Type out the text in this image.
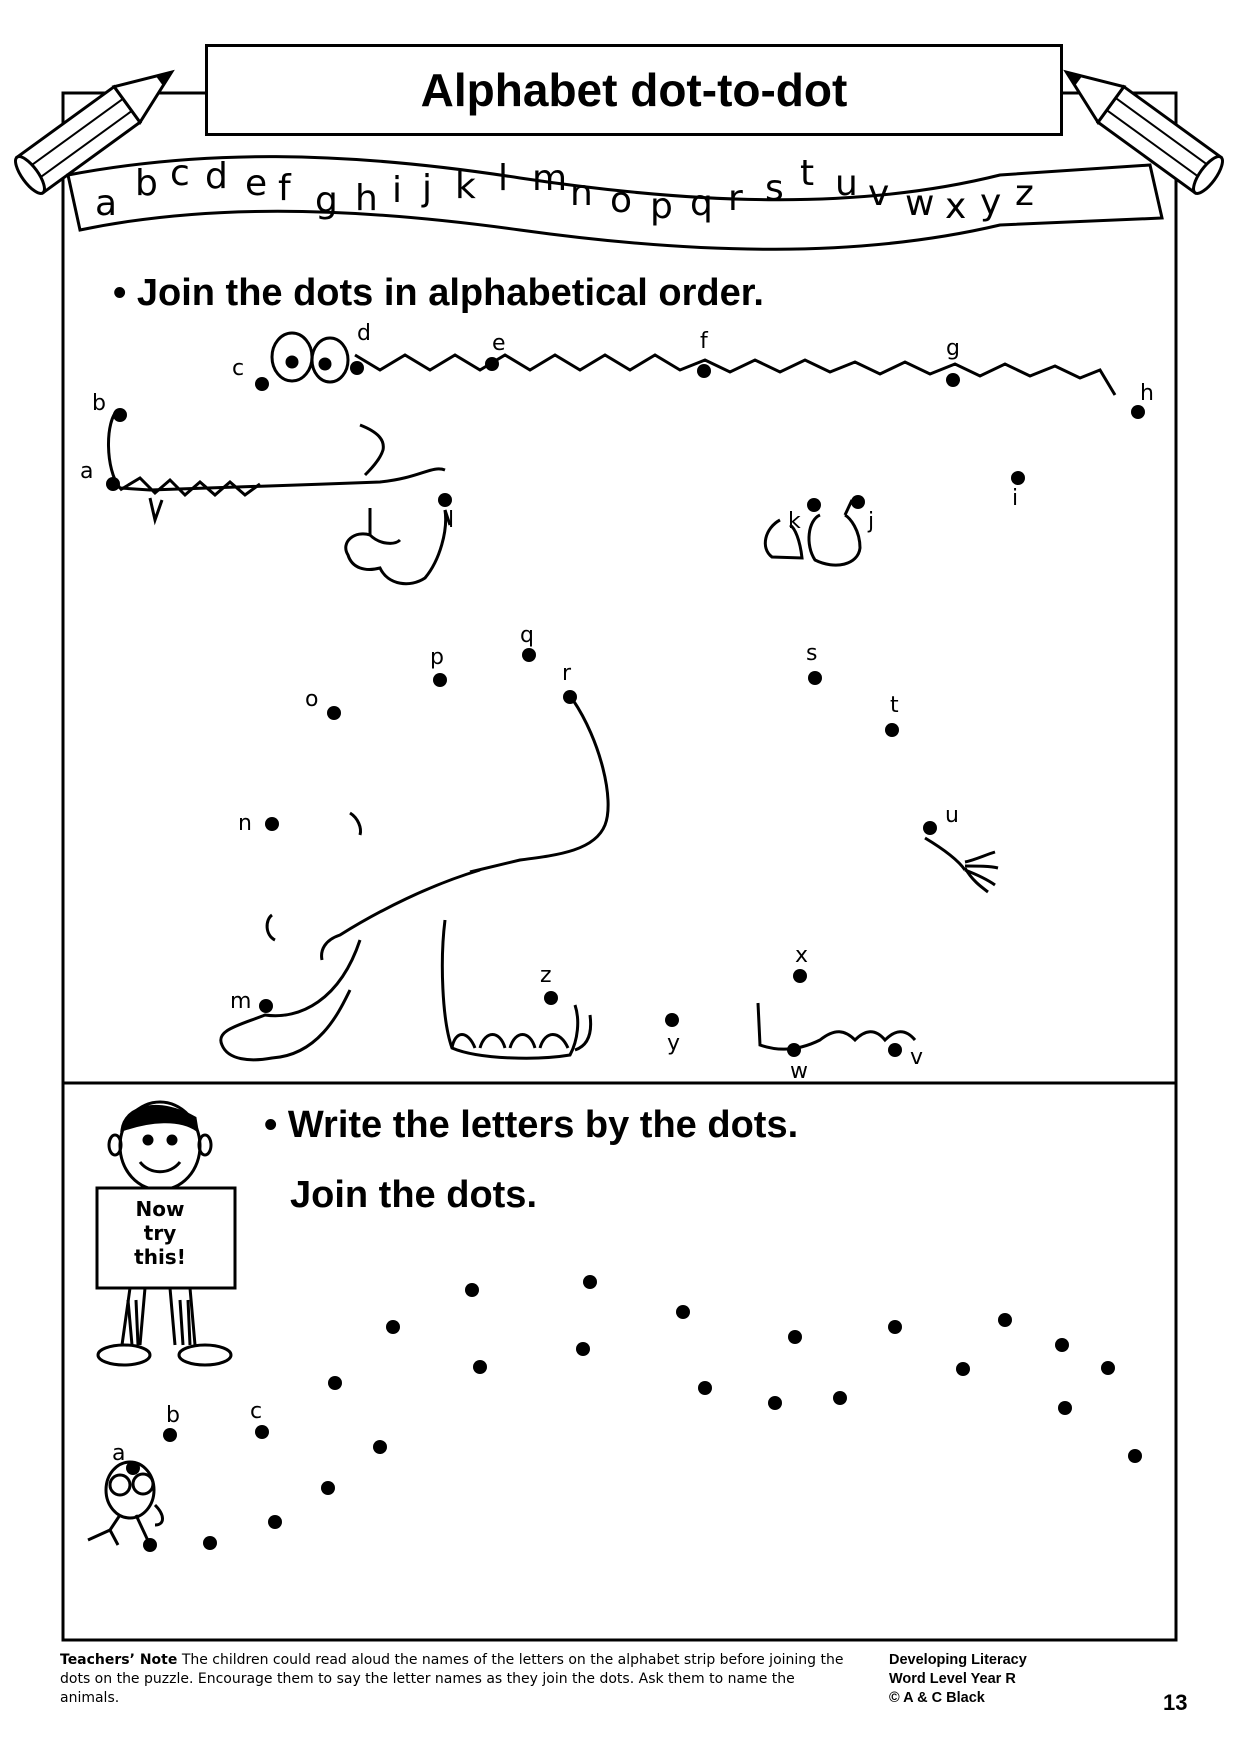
a b c d e f g h i j k l m n o p q r s t u v w x y z
a
b
c
d	e	f	g
h
i
j
k
l
m
n
o
p
q
r
s
t
u
v
w
x
y
z
a
b	c
Alphabet dot-to-dot
• Join the dots in alphabetical order.
• Write the letters by the dots.
Join the dots.
Now
try
this!
Teachers’ Note The children could read aloud the names of the letters on the alphabet strip before joining the dots on the puzzle. Encourage them to say the letter names as they join the dots. Ask them to name the animals.
Developing Literacy
Word Level Year R
© A & C Black	13
